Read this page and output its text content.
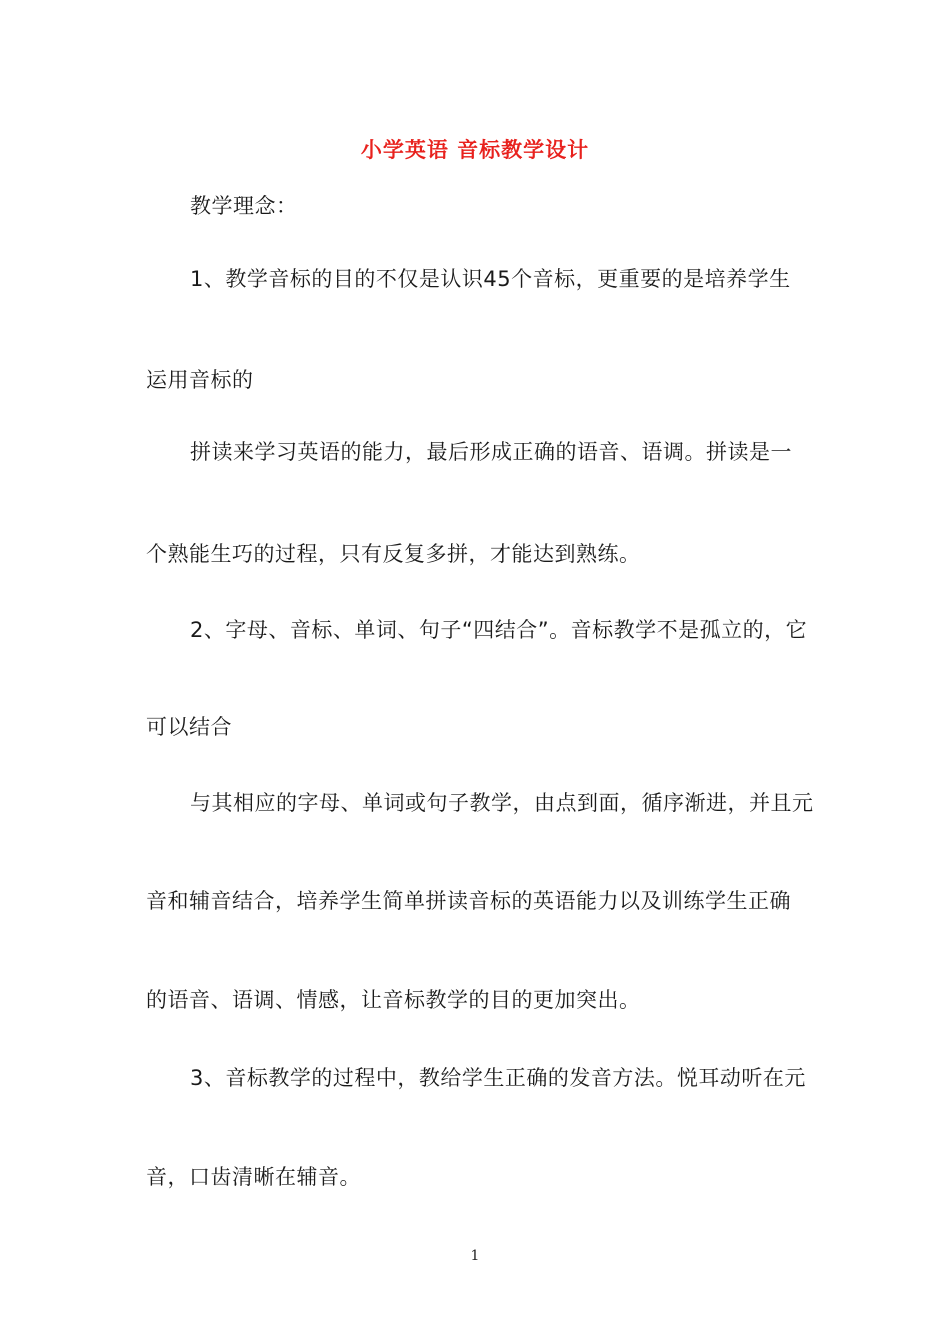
小学英语 音标教学设计
教学理念：
1、教学音标的目的不仅是认识45个音标，更重要的是培养学生
运用音标的
拼读来学习英语的能力，最后形成正确的语音、语调。拼读是一
个熟能生巧的过程，只有反复多拼，才能达到熟练。
2、字母、音标、单词、句子“四结合”。音标教学不是孤立的，它
可以结合
与其相应的字母、单词或句子教学，由点到面，循序渐进，并且元
音和辅音结合，培养学生简单拼读音标的英语能力以及训练学生正确
的语音、语调、情感，让音标教学的目的更加突出。
3、音标教学的过程中，教给学生正确的发音方法。悦耳动听在元
音，口齿清晰在辅音。
1
